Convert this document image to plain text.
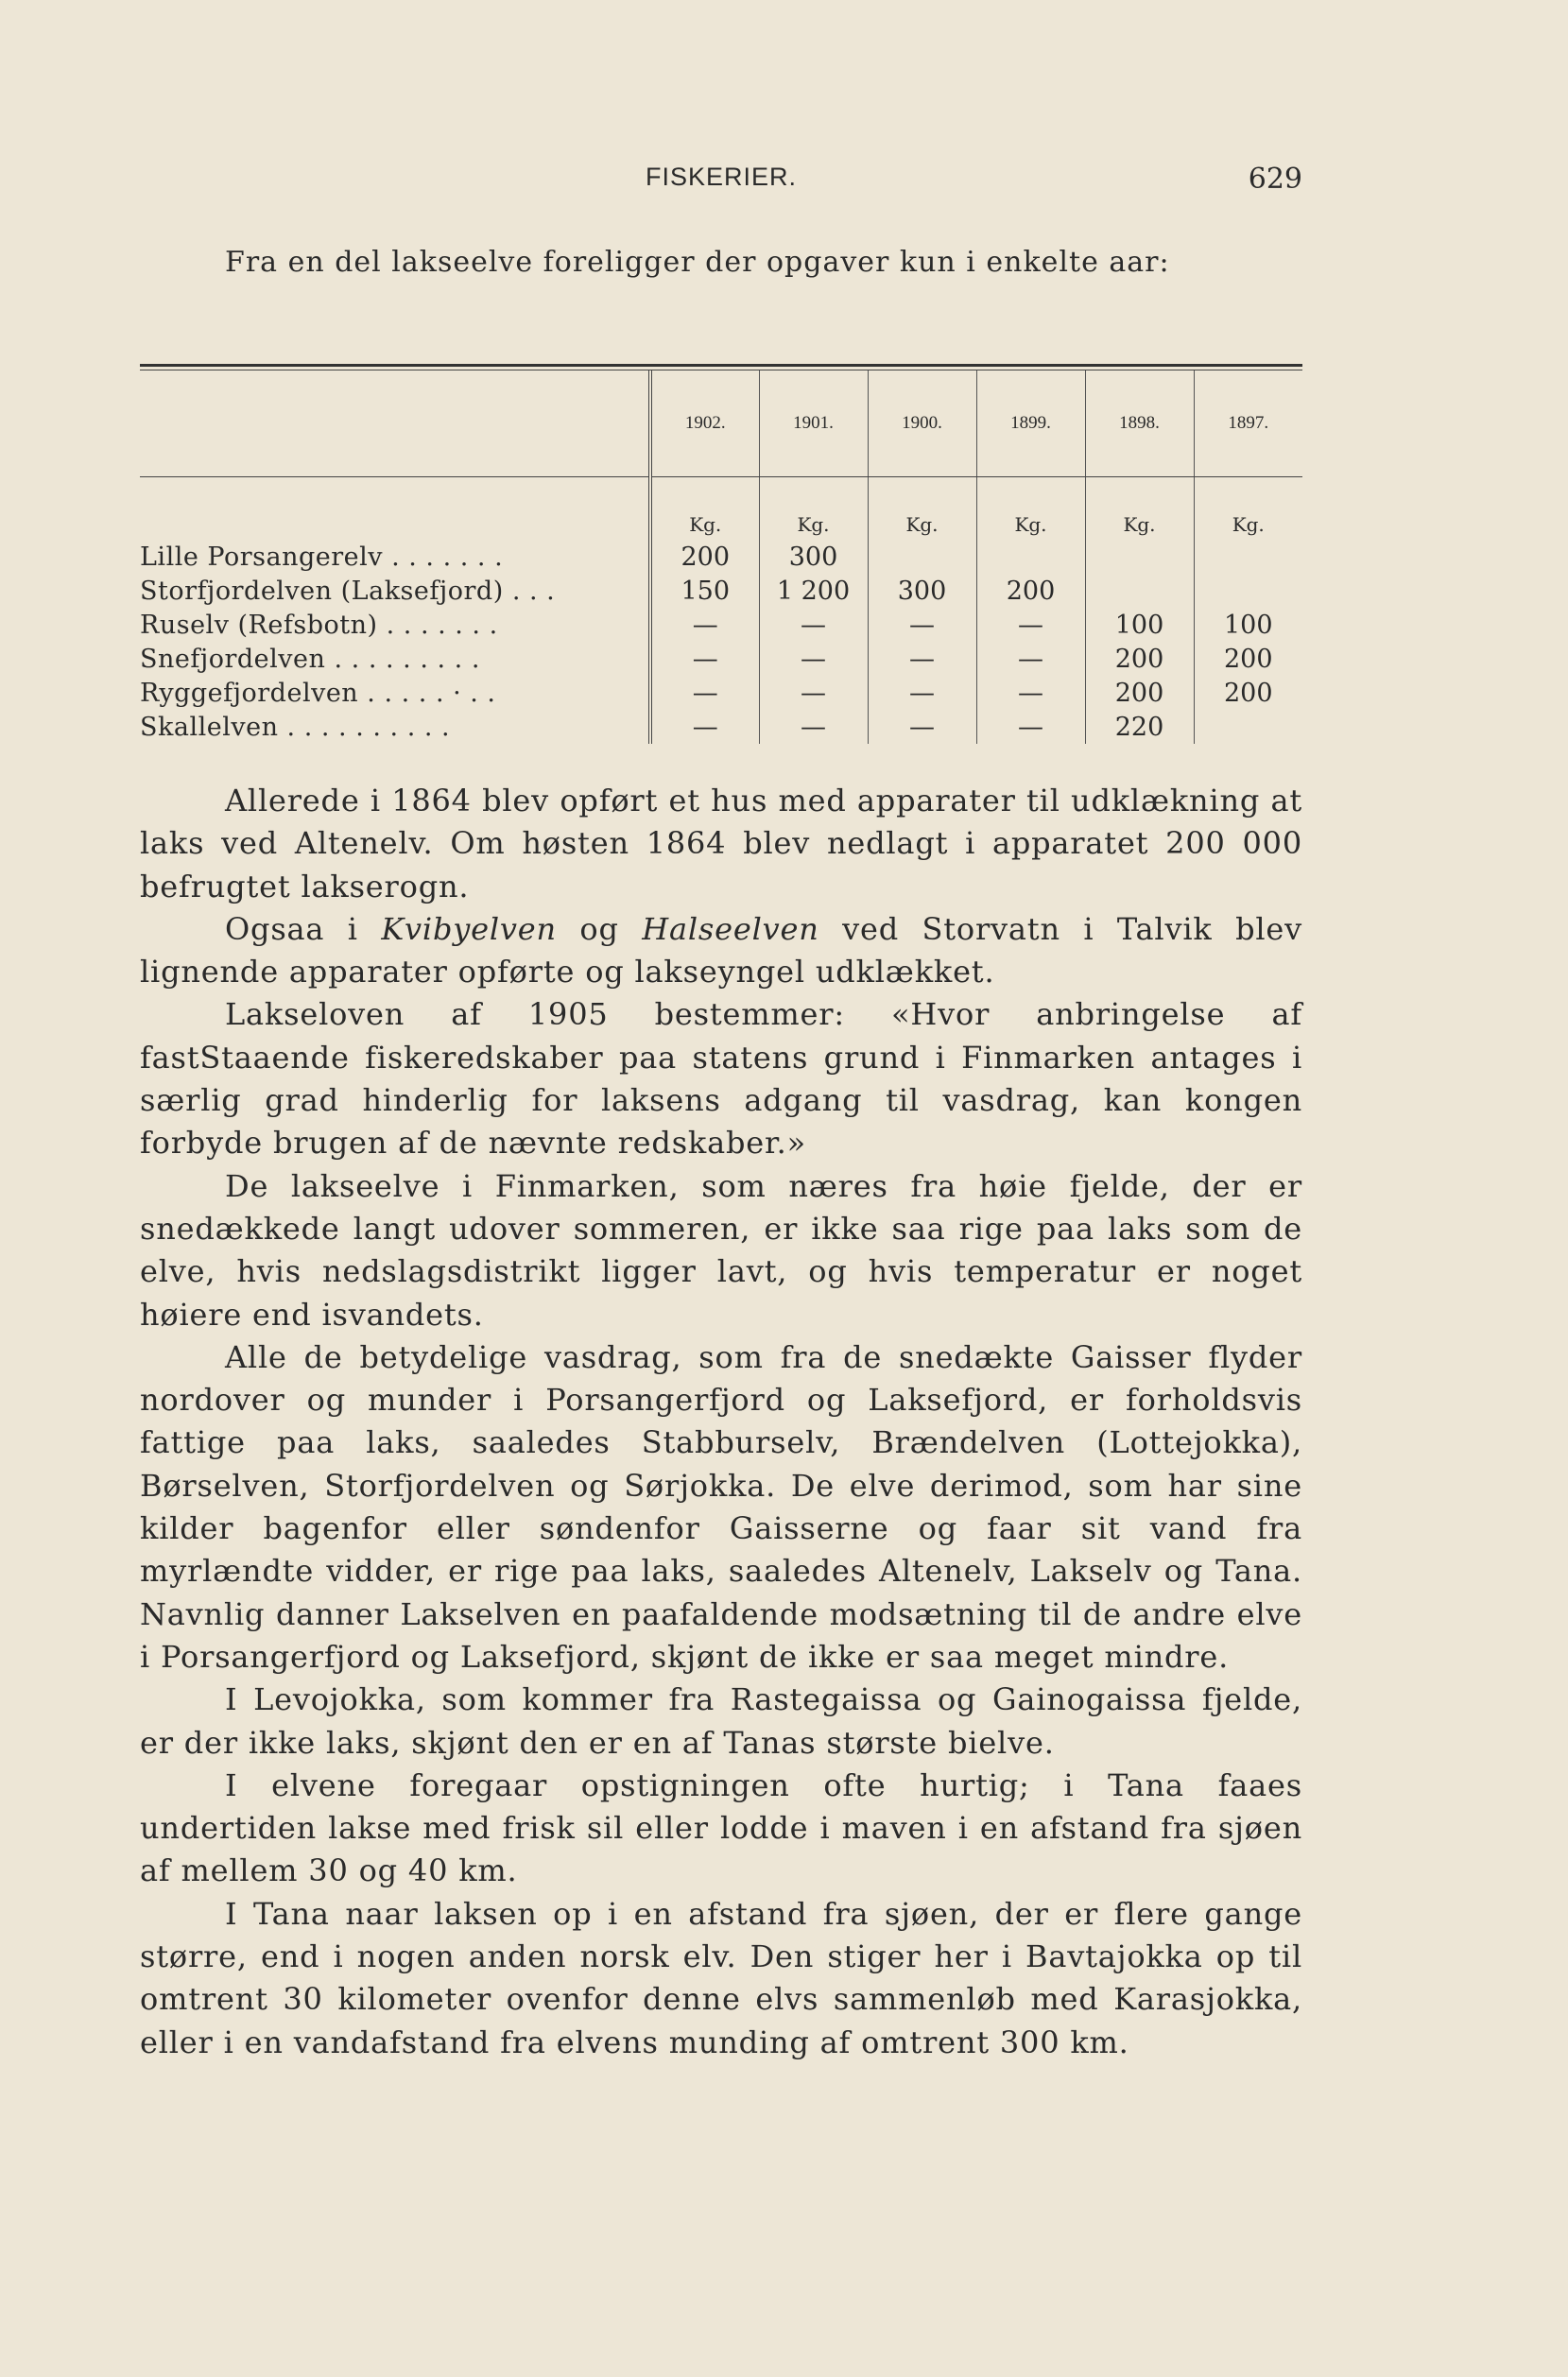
FISKERIER.	629
Fra en del lakseelve foreligger der opgaver kun i enkelte aar:
	1902.	1901.	1900.	1899.	1898.	1897.
	Kg.	Kg.	Kg.	Kg.	Kg.	Kg.
Lille Porsangerelv . . . . . . .	200	300				
Storfjordelven (Laksefjord) . . .	150	1 200	300	200		
Ruselv (Refsbotn) . . . . . . .	—	—	—	—	100	100
Snefjordelven . . . . . . . . .	—	—	—	—	200	200
Ryggefjordelven . . . . . · . .	—	—	—	—	200	200
Skallelven . . . . . . . . . .	—	—	—	—	220	

Allerede i 1864 blev opført et hus med apparater til udklækning at laks ved Altenelv. Om høsten 1864 blev nedlagt i apparatet 200 000 befrugtet lakserogn.

Ogsaa i Kvibyelven og Halseelven ved Storvatn i Talvik blev lignende apparater opførte og lakseyngel udklækket.

Lakseloven af 1905 bestemmer: «Hvor anbringelse af fastStaaende fiskeredskaber paa statens grund i Finmarken antages i særlig grad hinderlig for laksens adgang til vasdrag, kan kongen forbyde brugen af de nævnte redskaber.»

De lakseelve i Finmarken, som næres fra høie fjelde, der er snedækkede langt udover sommeren, er ikke saa rige paa laks som de elve, hvis nedslagsdistrikt ligger lavt, og hvis temperatur er noget høiere end isvandets.

Alle de betydelige vasdrag, som fra de snedækte Gaisser flyder nordover og munder i Porsangerfjord og Laksefjord, er forholdsvis fattige paa laks, saaledes Stabburselv, Brændelven (Lottejokka), Børselven, Storfjordelven og Sørjokka. De elve derimod, som har sine kilder bagenfor eller søndenfor Gaisserne og faar sit vand fra myrlændte vidder, er rige paa laks, saaledes Altenelv, Lakselv og Tana. Navnlig danner Lakselven en paafaldende modsætning til de andre elve i Porsangerfjord og Laksefjord, skjønt de ikke er saa meget mindre.

I Levojokka, som kommer fra Rastegaissa og Gainogaissa fjelde, er der ikke laks, skjønt den er en af Tanas største bielve.

I elvene foregaar opstigningen ofte hurtig; i Tana faaes undertiden lakse med frisk sil eller lodde i maven i en afstand fra sjøen af mellem 30 og 40 km.

I Tana naar laksen op i en afstand fra sjøen, der er flere gange større, end i nogen anden norsk elv. Den stiger her i Bavtajokka op til omtrent 30 kilometer ovenfor denne elvs sammenløb med Karasjokka, eller i en vandafstand fra elvens munding af omtrent 300 km.
